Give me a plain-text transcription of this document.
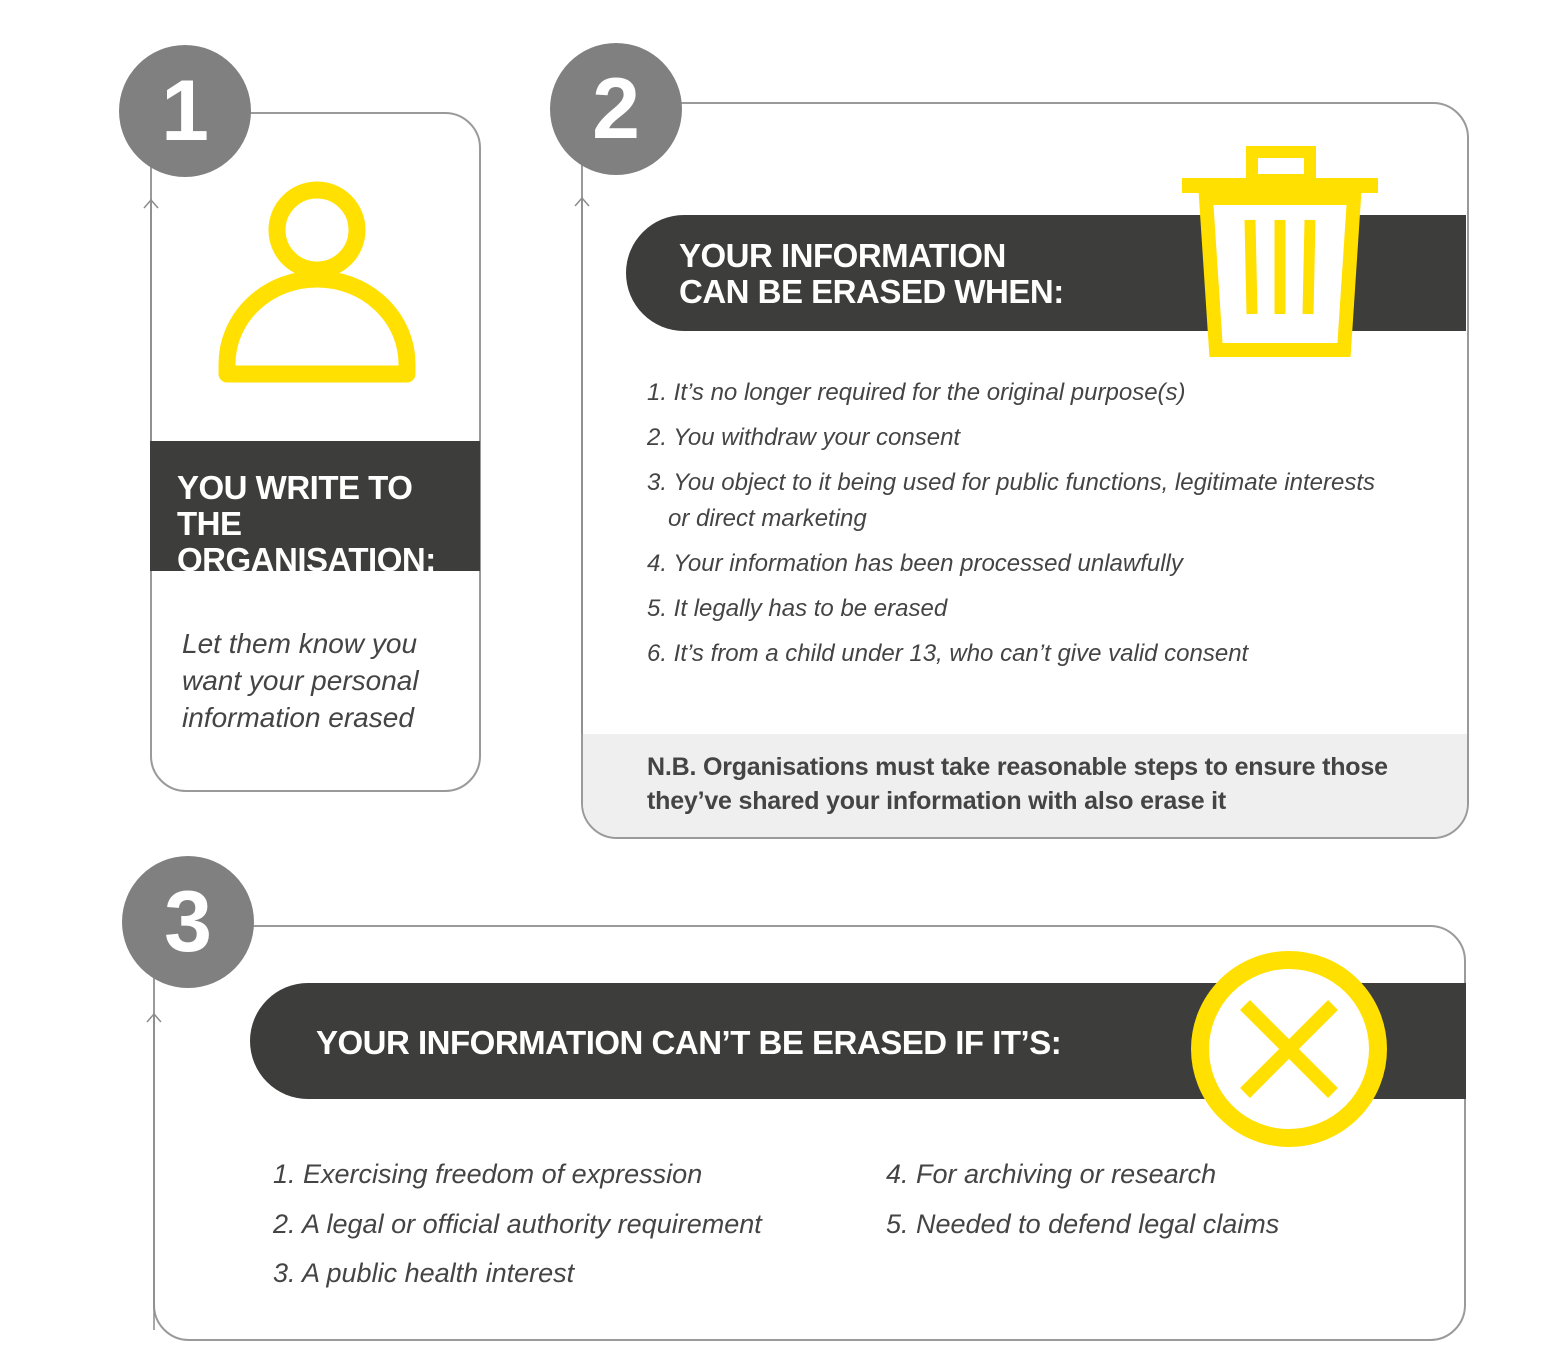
1
YOU WRITE TO THE
ORGANISATION:
Let them know you
want your personal
information erased
2
YOUR INFORMATION
CAN BE ERASED WHEN:
1. It’s no longer required for the original purpose(s)
2. You withdraw your consent
3. You object to it being used for public functions, legitimate interests
or direct marketing
4. Your information has been processed unlawfully
5. It legally has to be erased
6. It’s from a child under 13, who can’t give valid consent
N.B. Organisations must take reasonable steps to ensure those
they’ve shared your information with also erase it
3
YOUR INFORMATION CAN’T BE ERASED IF IT’S:
1. Exercising freedom of expression
2. A legal or official authority requirement
3. A public health interest
4. For archiving or research
5. Needed to defend legal claims
